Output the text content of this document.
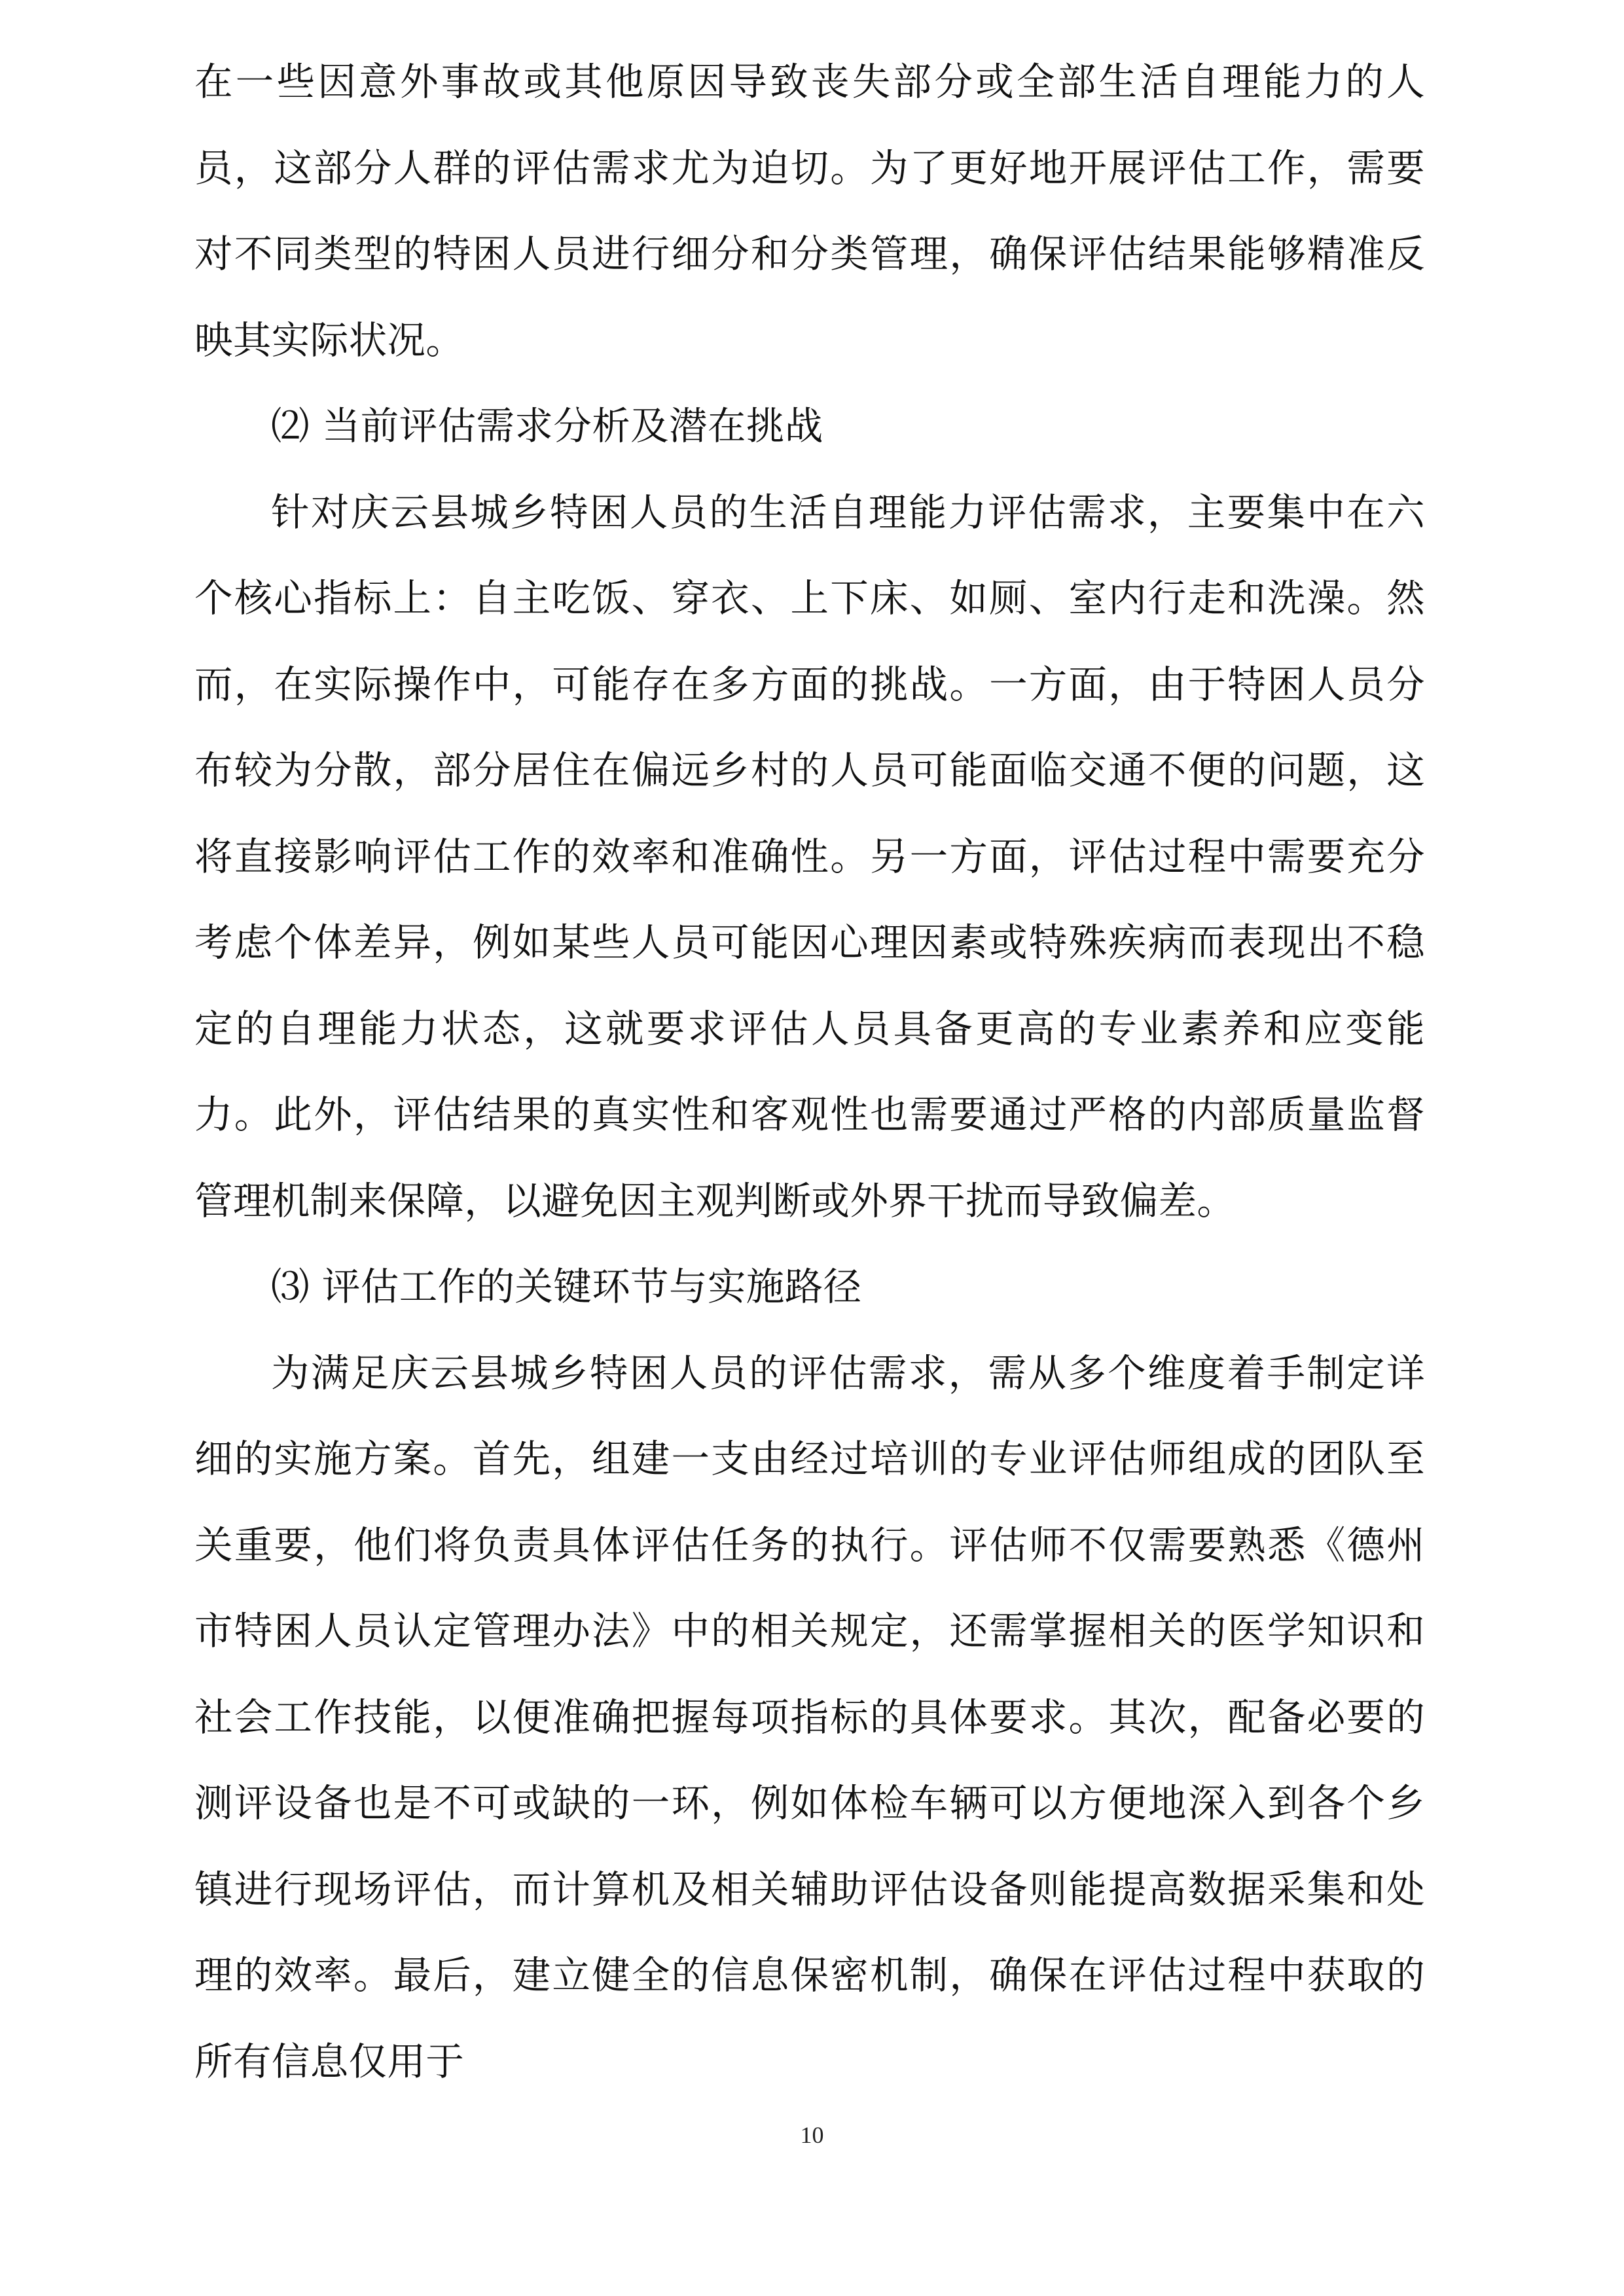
在一些因意外事故或其他原因导致丧失部分或全部生活自理能力的人员，这部分人群的评估需求尤为迫切。为了更好地开展评估工作，需要对不同类型的特困人员进行细分和分类管理，确保评估结果能够精准反映其实际状况。

⑵ 当前评估需求分析及潜在挑战

针对庆云县城乡特困人员的生活自理能力评估需求，主要集中在六个核心指标上：自主吃饭、穿衣、上下床、如厕、室内行走和洗澡。然而，在实际操作中，可能存在多方面的挑战。一方面，由于特困人员分布较为分散，部分居住在偏远乡村的人员可能面临交通不便的问题，这将直接影响评估工作的效率和准确性。另一方面，评估过程中需要充分考虑个体差异，例如某些人员可能因心理因素或特殊疾病而表现出不稳定的自理能力状态，这就要求评估人员具备更高的专业素养和应变能力。此外，评估结果的真实性和客观性也需要通过严格的内部质量监督管理机制来保障，以避免因主观判断或外界干扰而导致偏差。

⑶ 评估工作的关键环节与实施路径

为满足庆云县城乡特困人员的评估需求，需从多个维度着手制定详细的实施方案。首先，组建一支由经过培训的专业评估师组成的团队至关重要，他们将负责具体评估任务的执行。评估师不仅需要熟悉《德州市特困人员认定管理办法》中的相关规定，还需掌握相关的医学知识和社会工作技能，以便准确把握每项指标的具体要求。其次，配备必要的测评设备也是不可或缺的一环，例如体检车辆可以方便地深入到各个乡镇进行现场评估，而计算机及相关辅助评估设备则能提高数据采集和处理的效率。最后，建立健全的信息保密机制，确保在评估过程中获取的所有信息仅用于

10
